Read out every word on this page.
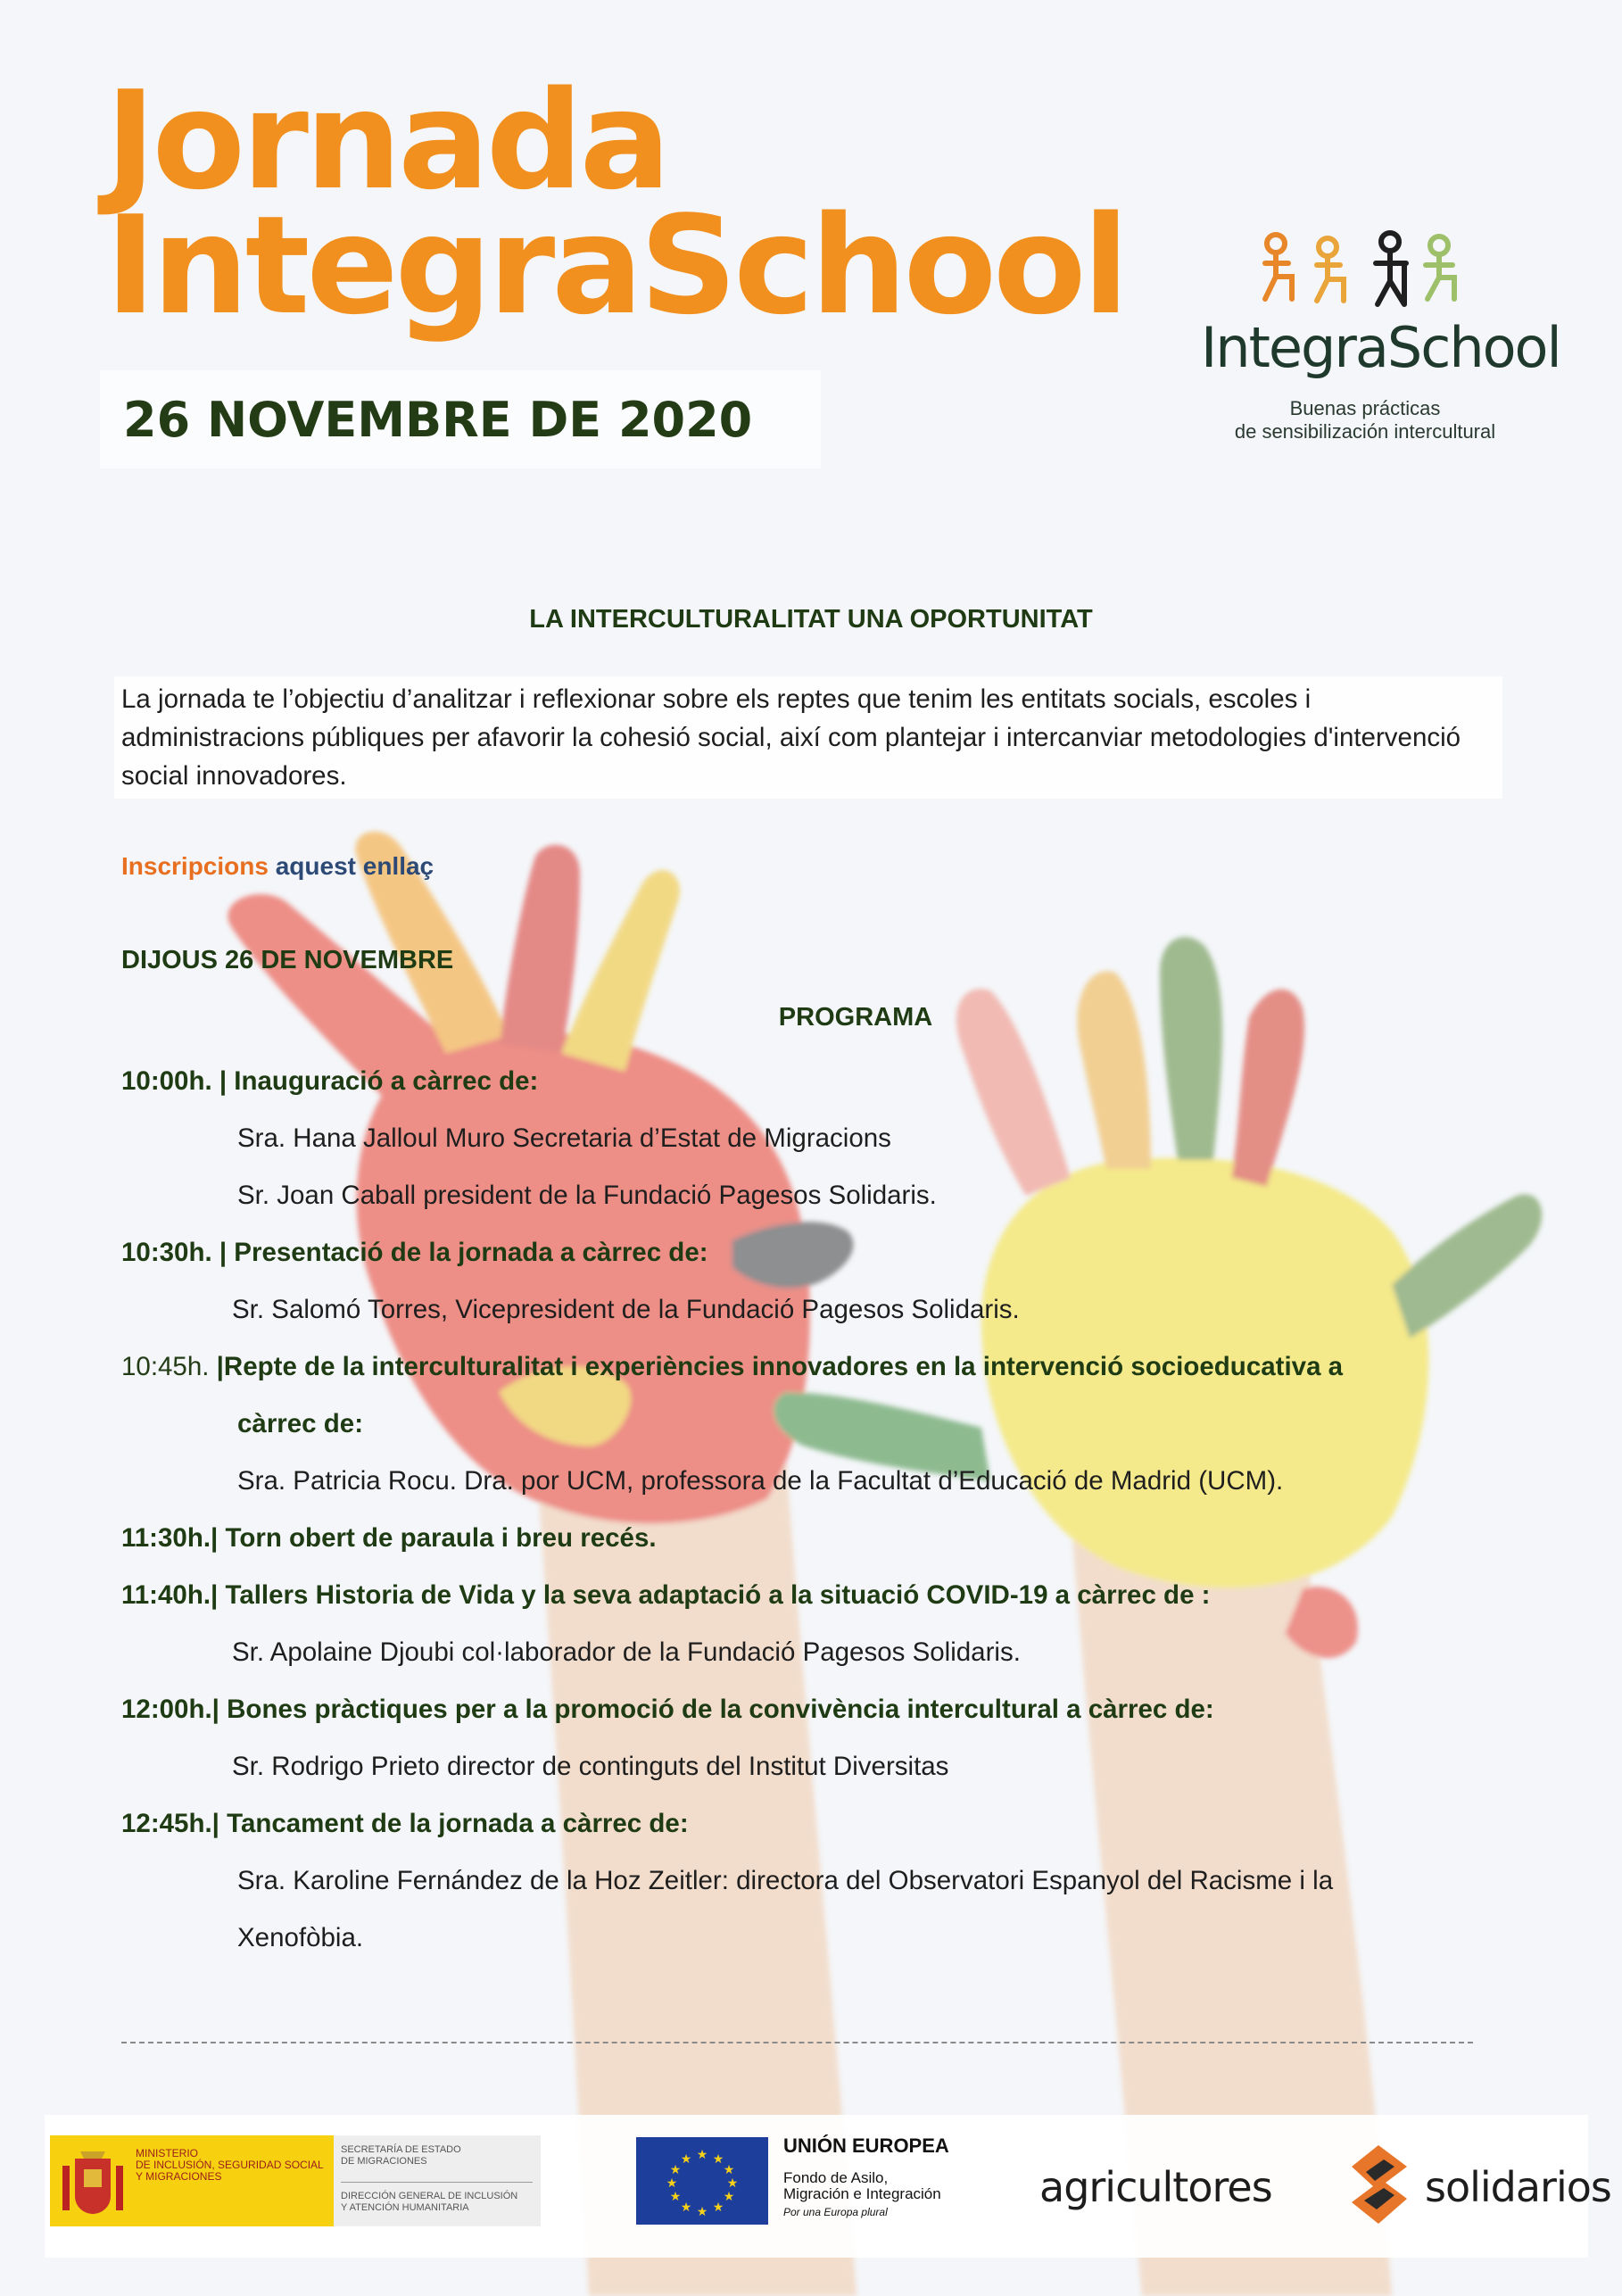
Jornada
IntegraSchool
26 NOVEMBRE DE 2020
IntegraSchool
Buenas prácticas
de sensibilización intercultural
LA INTERCULTURALITAT UNA OPORTUNITAT
La jornada te l’objectiu d’analitzar i reflexionar sobre els reptes que tenim les entitats socials, escoles i administracions públiques per afavorir la cohesió social, així com plantejar i intercanviar metodologies d'intervenció social innovadores.
Inscripcions aquest enllaç
DIJOUS 26 DE NOVEMBRE
PROGRAMA
10:00h. | Inauguració a càrrec de:
Sra. Hana Jalloul Muro Secretaria d’Estat de Migracions
Sr. Joan Caball president de la Fundació Pagesos Solidaris.
10:30h. | Presentació de la jornada a càrrec de:
Sr. Salomó Torres, Vicepresident de la Fundació Pagesos Solidaris.
10:45h.
|Repte de la interculturalitat i experiències innovadores en la intervenció socioeducativa a
càrrec de:
Sra. Patricia Rocu. Dra. por UCM, professora de la Facultat d’Educació de Madrid (UCM).
11:30h.| Torn obert de paraula i breu recés.
11:40h.| Tallers Historia de Vida y la seva adaptació a la situació COVID-19 a càrrec de :
Sr. Apolaine Djoubi col·laborador de la Fundació Pagesos Solidaris.
12:00h.| Bones pràctiques per a la promoció de la convivència intercultural a càrrec de:
Sr. Rodrigo Prieto director de continguts del Institut Diversitas
12:45h.| Tancament de la jornada a càrrec de:
Sra. Karoline Fernández de la Hoz Zeitler: directora del Observatori Espanyol del Racisme i la
Xenofòbia.
MINISTERIO
DE INCLUSIÓN, SEGURIDAD SOCIAL
Y MIGRACIONES
SECRETARÍA DE ESTADO
DE MIGRACIONES
DIRECCIÓN GENERAL DE INCLUSIÓN
Y ATENCIÓN HUMANITARIA
★ ★
★
★
★
★
★
★
★
★
★
★
UNIÓN EUROPEA
Fondo de Asilo,
Migración e Integración
Por una Europa plural
agricultores	solidarios
